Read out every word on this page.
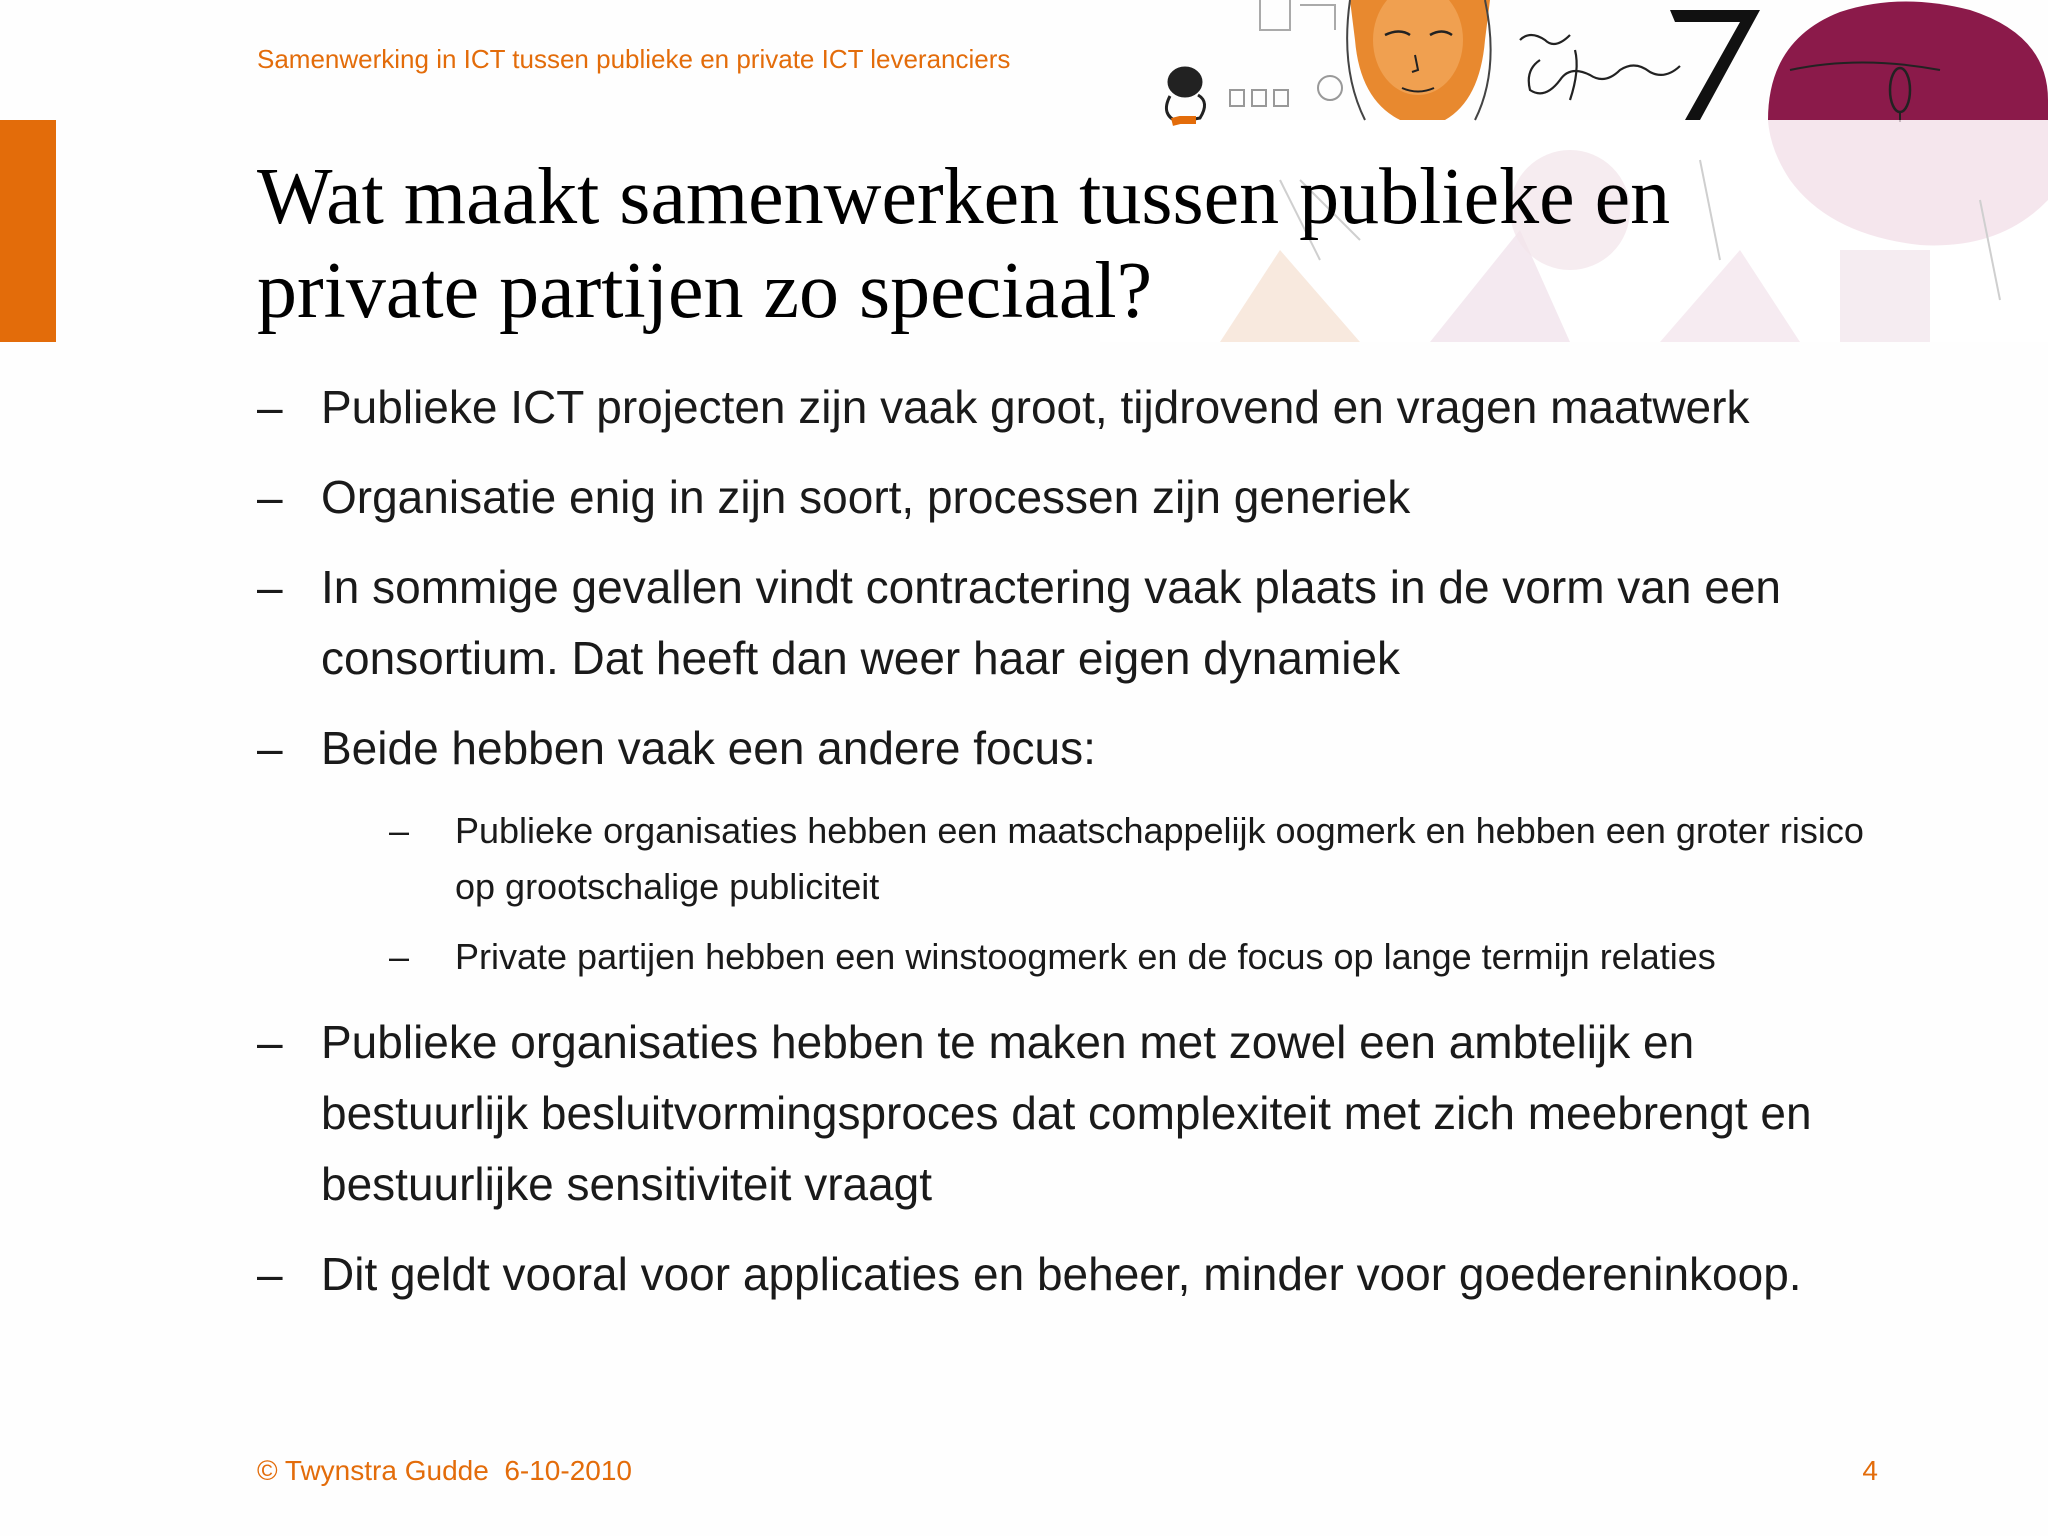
Samenwerking in ICT tussen publieke en private ICT leveranciers
Wat maakt samenwerken tussen publieke en
private partijen zo speciaal?
– Publieke ICT projecten zijn vaak groot, tijdrovend en vragen maatwerk
– Organisatie enig in zijn soort, processen zijn generiek
– In sommige gevallen vindt contractering vaak plaats in de vorm van een consortium. Dat heeft dan weer haar eigen dynamiek
– Beide hebben vaak een andere focus:
–	Publieke organisaties hebben een maatschappelijk oogmerk en hebben een groter risico op grootschalige publiciteit
–	Private partijen hebben een winstoogmerk en de focus op lange termijn relaties
– Publieke organisaties hebben te maken met zowel een ambtelijk en bestuurlijk besluitvormingsproces dat complexiteit met zich meebrengt en bestuurlijke sensitiviteit vraagt
– Dit geldt vooral voor applicaties en beheer, minder voor goedereninkoop.
© Twynstra Gudde  6-10-2010	4
